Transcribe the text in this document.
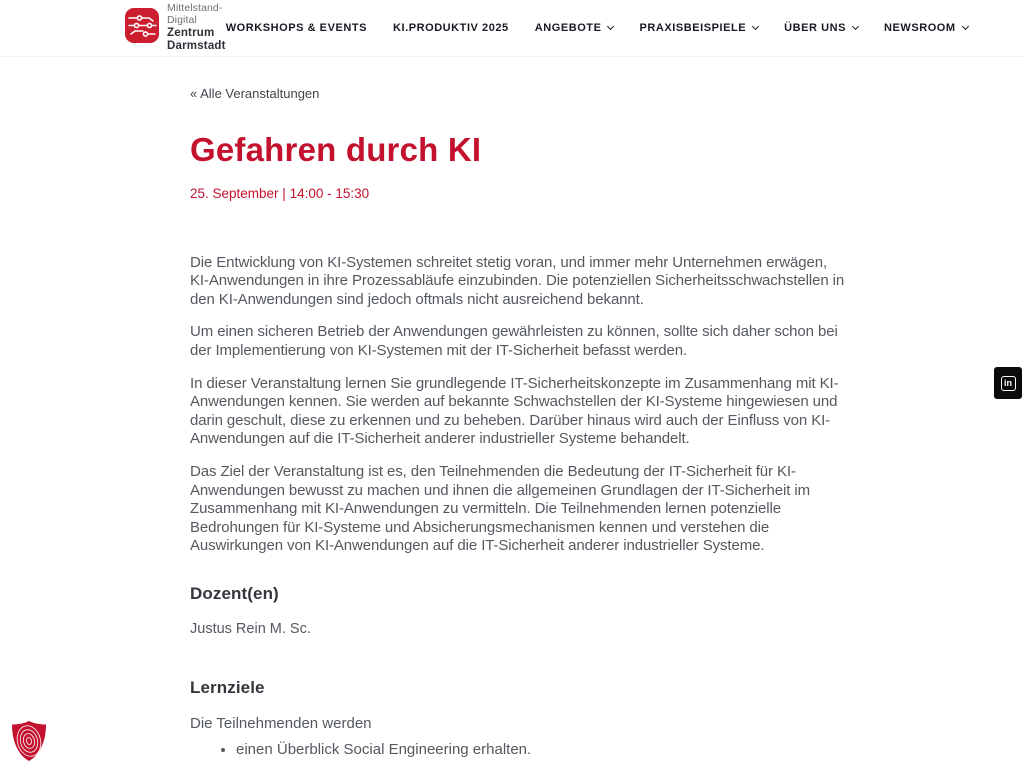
Mittelstand-Digital
Zentrum
Darmstadt
WORKSHOPS & EVENTS KI.PRODUKTIV 2025 ANGEBOTE	PRAXISBEISPIELE	ÜBER UNS	NEWSROOM
« Alle Veranstaltungen
Gefahren durch KI
25. September | 14:00 - 15:30

Die Entwicklung von KI-Systemen schreitet stetig voran, und immer mehr Unternehmen erwägen, KI-Anwendungen in ihre Prozessabläufe einzubinden. Die potenziellen Sicherheitsschwachstellen in den KI-Anwendungen sind jedoch oftmals nicht ausreichend bekannt.

Um einen sicheren Betrieb der Anwendungen gewährleisten zu können, sollte sich daher schon bei der Implementierung von KI-Systemen mit der IT-Sicherheit befasst werden.

In dieser Veranstaltung lernen Sie grundlegende IT-Sicherheitskonzepte im Zusammenhang mit KI-Anwendungen kennen. Sie werden auf bekannte Schwachstellen der KI-Systeme hingewiesen und darin geschult, diese zu erkennen und zu beheben. Darüber hinaus wird auch der Einfluss von KI-Anwendungen auf die IT-Sicherheit anderer industrieller Systeme behandelt.

Das Ziel der Veranstaltung ist es, den Teilnehmenden die Bedeutung der IT-Sicherheit für KI-Anwendungen bewusst zu machen und ihnen die allgemeinen Grundlagen der IT-Sicherheit im Zusammenhang mit KI-Anwendungen zu vermitteln. Die Teilnehmenden lernen potenzielle Bedrohungen für KI-Systeme und Absicherungsmechanismen kennen und verstehen die Auswirkungen von KI-Anwendungen auf die IT-Sicherheit anderer industrieller Systeme.

Dozent(en)

Justus Rein M. Sc.

Lernziele

Die Teilnehmenden werden

• einen Überblick Social Engineering erhalten.
in
